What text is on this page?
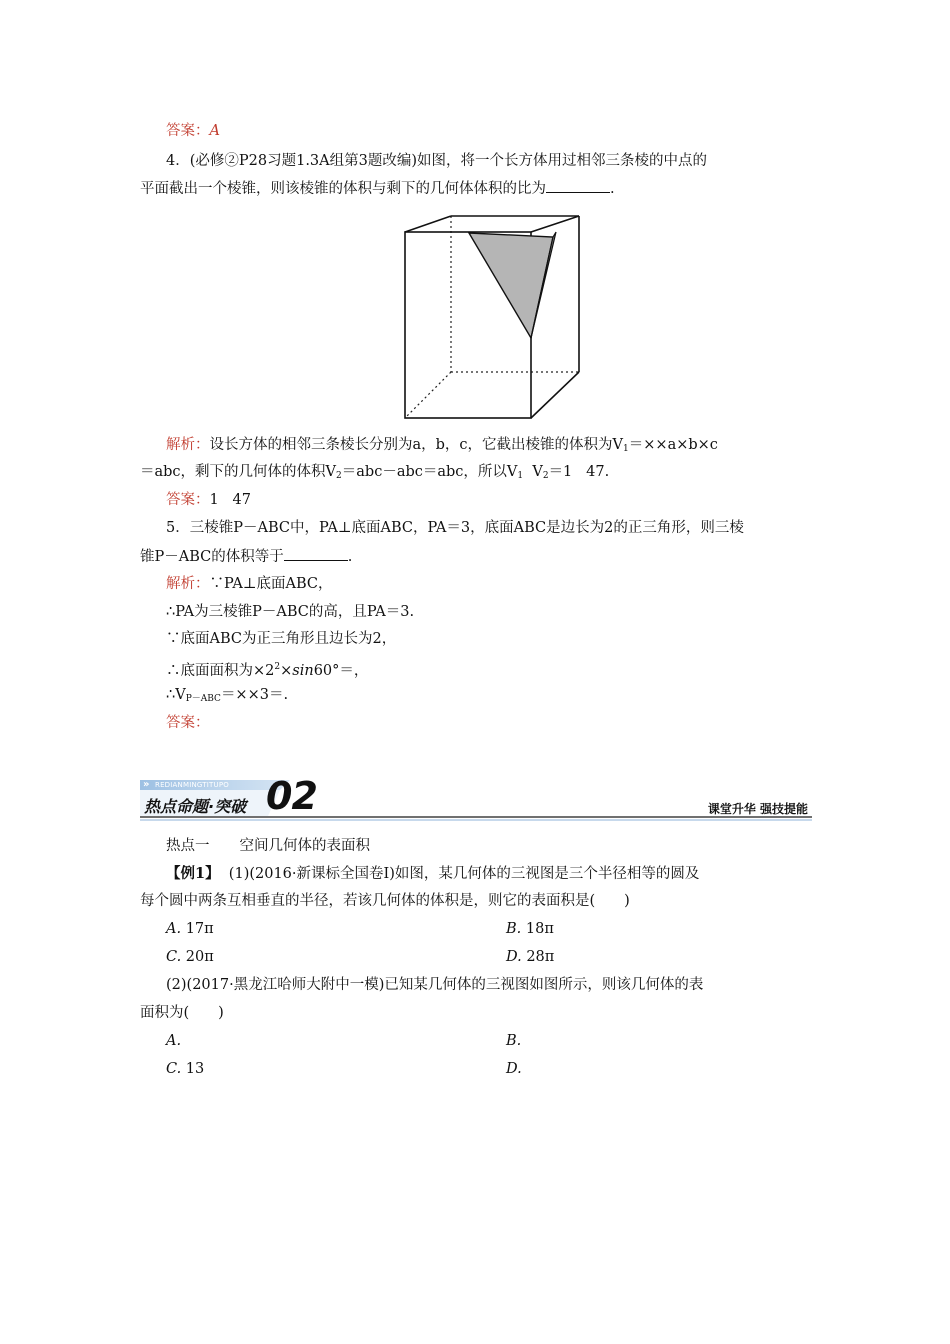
答案：A
4．(必修②P28习题1.3A组第3题改编)如图，将一个长方体用过相邻三条棱的中点的
平面截出一个棱锥，则该棱锥的体积与剩下的几何体体积的比为	.
解析：设长方体的相邻三条棱长分别为a，b，c，它截出棱锥的体积为$V_1=\times\times a\times b\times c$
＝abc，剩下的几何体的体积$V_2=abc-abc=abc$，所以$V_1$  $V_2=1$   47.
答案：1   47
5．三棱锥P－ABC中，PA⊥底面ABC，PA＝3，底面ABC是边长为2的正三角形，则三棱
锥P－ABC的体积等于	.
解析：∵PA⊥底面ABC，
∴PA为三棱锥P－ABC的高，且PA＝3.
∵底面ABC为正三角形且边长为2，
∴底面面积为$\times 2^2\times\sin 60^\circ=$，
$\therefore V_{P-ABC}=\times\times 3=$.
答案：
» REDIANMINGTITUPO
热点命题·突破 02	课堂升华 强技提能
热点一 空间几何体的表面积
【例1】  (1)(2016·新课标全国卷Ⅰ)如图，某几何体的三视图是三个半径相等的圆及
每个圆中两条互相垂直的半径，若该几何体的体积是，则它的表面积是(　　)
A. 17π	B. 18π
C. 20π	D. 28π
(2)(2017·黑龙江哈师大附中一模)已知某几何体的三视图如图所示，则该几何体的表
面积为(　　)
A.	B.
C. 13	D.
